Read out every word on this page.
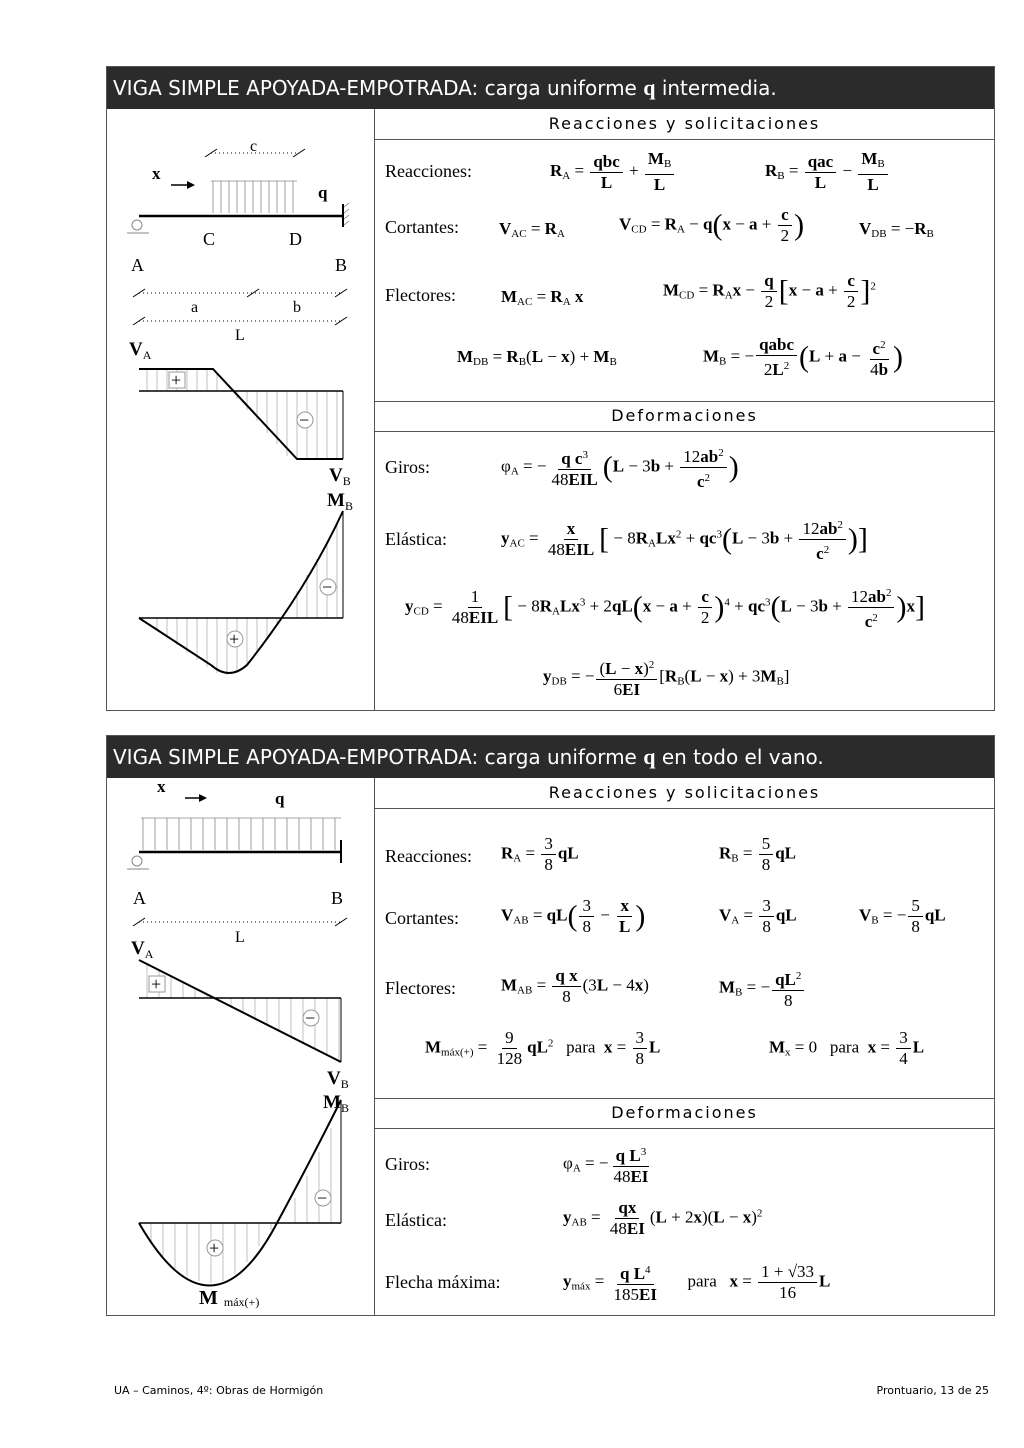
VIGA SIMPLE APOYADA-EMPOTRADA: carga uniforme q intermedia.
c
x
q
C	D
A	B
a	b
L
$V_A$
+
−
$V_B$
$M_B$
−
+
Reacciones y solicitaciones
Reacciones:	$R_A = \frac{\text{qbc}}{L} + \frac{M_B}{L}$	$R_B = \frac{\text{qac}}{L} - \frac{M_B}{L}$
Cortantes: $V_{AC} = R_A$
$V_{CD} = R_A - q(x - a + \frac{c}{2}$ )	$V_{DB} = -R_B$
Flectores:	$M_{AC} = R_A$ x	$M_{CD} = R_Ax - \frac{q}{2} [x - a + \frac{c}{2} ]^2$
$M_{DB} = R_B(L - x) + M_B$	$M_B$ = − $\frac{\text{qabc}}{2L^2} (L + a - \frac{c^2}{4b}$ )
Deformaciones
Giros:	$\varphi_A$ = − $\frac{q c^3}{\text{48EIL}} (L - 3b + \frac{12ab^2}{c^2}$ )
Elástica:	$y_{AC} = \frac{x}{\text{48EIL}}$ [ − $8R_ALx^2 + qc^3(L - 3b + \frac{12ab^2}{c^2}$ )]
$y_{CD} = \frac{1}{\text{48EIL}}$ [ − $8R_ALx^3 + 2qL(x - a + \frac{c}{2} )^4 + qc^3(L - 3b + \frac{12ab^2}{c^2} )x$]
$y_{DB}$ = − $\frac{(L - x)^2}{6EI} [R_B(L - x) + 3M_B]$
VIGA SIMPLE APOYADA-EMPOTRADA: carga uniforme q en todo el vano.
x
q
A	B
L
$V_A$
+
−
$V_B$
$M_B$
−
+
Mmáx(+)
Reacciones y solicitaciones
Reacciones: $R_A = \frac{3}{8}$ qL	$R_B = \frac{5}{8}$ qL
Cortantes: $V_{AB} = qL( \frac{3}{8} - \frac{x}{L}$ )	$V_A = \frac{3}{8}$ qL	$V_B$ = − $\frac{5}{8}$ qL
Flectores:	$M_{AB} = \frac{\text{q x}}{8} (3L - 4x)$	$M_B$ = − $\frac{qL^2}{8}$
$M_{máx(+)} = \frac{9}{128} qL^2$   para  $x = \frac{3}{8}$ L	$M_x = 0$   para  $x = \frac{3}{4}$ L
Deformaciones
Giros:	$\varphi_A$ = − $\frac{q L^3}{48EI}$
Elástica:	$y_{AB} = \frac{qx}{48EI} (L + 2x)(L - x)^2$
Flecha máxima:	$y_{máx} = \frac{q L^4}{185EI}$ para   $x = \frac{1 + √33}{16}$ L
UA – Caminos, 4º: Obras de Hormigón	Prontuario, 13 de 25
